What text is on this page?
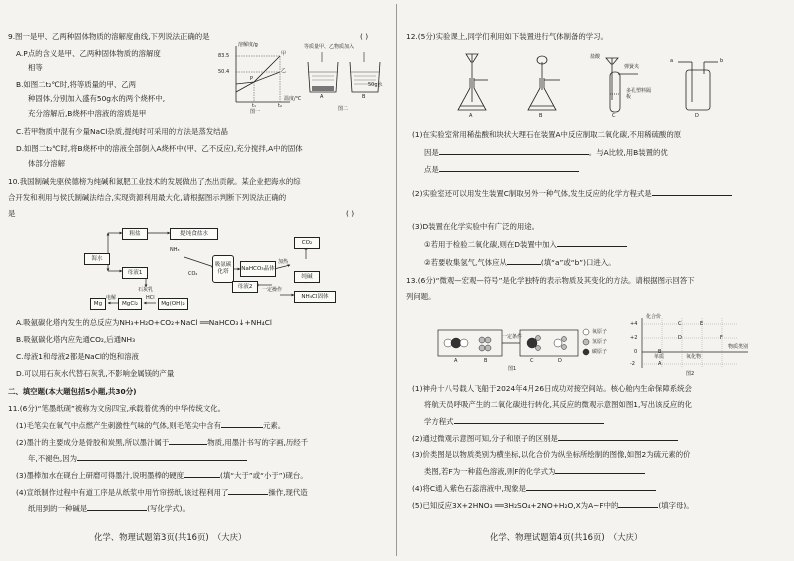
9.图一是甲、乙两种固体物质的溶解度曲线,下列说法正确的是	( )
A.P点的含义是甲、乙两种固体物质的溶解度
相等
B.如图二t₂℃时,将等质量的甲、乙两
种固体,分别加入盛有50g水的两个烧杯中,
充分溶解后,B烧杯中溶液的溶质是甲
C.若甲物质中混有少量NaCl杂质,提纯时可采用的方法是蒸发结晶
D.如图二t₂℃时,将B烧杯中的溶液全部倒入A烧杯中(甲、乙不反应),充分搅拌,A中的固体
体部分溶解
溶解度/g
83.5
50.4
P
甲
乙
t₁	t₂
温度/℃
图一
等质量甲、乙物质加入
A	B
50g水
图二
10.我国制碱先驱侯德榜为纯碱和氮肥工业技术的发展做出了杰出贡献。某企业把海水的综
合开发和利用与侯氏制碱法结合,实现资源利用最大化,请根据图示判断下列说法正确的
是	( )
海水
粗盐	提纯食盐水
NH₃
母液1
吸氨碳化塔
NaHCO₃晶体
加热
CO₂
纯碱
母液2
一定操作
NH₄Cl固体
CO₂
石灰乳
Mg(OH)₂
HCl
MgCl₂
电解
Mg
A.吸氨碳化塔内发生的总反应为NH₃+H₂O+CO₂+NaCl ══NaHCO₃↓+NH₄Cl
B.吸氨碳化塔内应先通CO₂,后通NH₃
C.母液1和母液2都是NaCl的饱和溶液
D.可以用石灰水代替石灰乳,不影响金属镁的产量
二、填空题(本大题包括5小题,共30分)
11.(6分)“笔墨纸砚”被称为文房四宝,承载着优秀的中华传统文化。
(1)毛笔尖在氧气中点燃产生刺激性气味的气体,则毛笔尖中含有	元素。
(2)墨汁的主要成分是骨胶和炭黑,所以墨汁属于	物质,用墨汁书写的字画,历经千
年,不褪色,因为
(3)墨棒加水在砚台上研磨可得墨汁,说明墨棒的硬度	(填“大于”或“小于”)砚台。
(4)宣纸制作过程中有道工序是从纸浆中用竹帘捞纸,该过程利用了	操作,现代造
纸用到的一种碱是	(写化学式)。
化学、物理试题第3页(共16页)　（大庆）
12.(5分)实验课上,同学们利用如下装置进行气体制备的学习。
A	B	C	D
盐酸
弹簧夹
多孔塑料隔板
a	b
(1)在实验室常用稀盐酸和块状大理石在装置A中反应制取二氧化碳,不用稀硫酸的原
因是	。与A比较,用B装置的优
点是
(2)实验室还可以用发生装置C制取另外一种气体,发生反应的化学方程式是
(3)D装置在化学实验中有广泛的用途。
①若用于检验二氧化碳,则在D装置中加入
②若要收集氢气,气体应从	(填“a”或“b”)口进入。
13.(6分)“微观—宏观—符号”是化学独特的表示物质及其变化的方法。请根据图示回答下
列问题。
一定条件
A	B	C	D
氧原子
氢原子
碳原子
图1
化合价
+4
+2
0
-2
C	E
D	F
B
A
物质类别
单质	氧化物
图2
(1)神舟十八号载人飞船于2024年4月26日成功对接空间站。核心舱内生命保障系统会
将航天员呼吸产生的二氧化碳进行转化,其反应的微观示意图如图1,写出该反应的化
学方程式
(2)通过微观示意图可知,分子和原子的区别是
(3)价类图是以物质类别为横坐标,以化合价为纵坐标所绘制的图像,如图2为硫元素的价
类图,若F为一种蓝色溶液,则F的化学式为
(4)将C通入紫色石蕊溶液中,现象是
(5)已知反应3X+2HNO₃ ══3H₂SO₄+2NO+H₂O,X为A~F中的	(填字母)。
化学、物理试题第4页(共16页)　（大庆）
